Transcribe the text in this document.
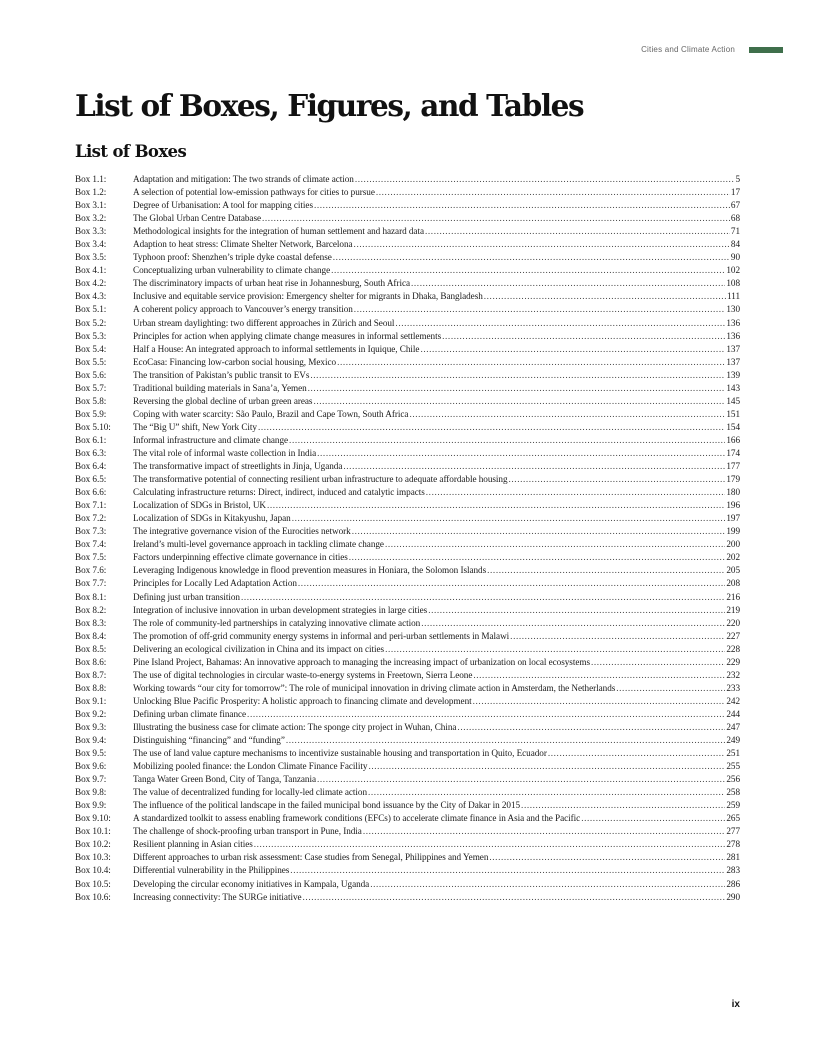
Cities and Climate Action
List of Boxes, Figures, and Tables
List of Boxes
Box 1.1:	Adaptation and mitigation: The two strands of climate action .....	5
Box 1.2:	A selection of potential low-emission pathways for cities to pursue .....	17
Box 3.1:	Degree of Urbanisation: A tool for mapping cities .....	67
Box 3.2:	The Global Urban Centre Database .....	68
Box 3.3:	Methodological insights for the integration of human settlement and hazard data .....	71
Box 3.4:	Adaption to heat stress: Climate Shelter Network, Barcelona .....	84
Box 3.5:	Typhoon proof: Shenzhen’s triple dyke coastal defense .....	90
Box 4.1:	Conceptualizing urban vulnerability to climate change .....	102
Box 4.2:	The discriminatory impacts of urban heat rise in Johannesburg, South Africa .....	108
Box 4.3:	Inclusive and equitable service provision: Emergency shelter for migrants in Dhaka, Bangladesh .....	111
Box 5.1:	A coherent policy approach to Vancouver’s energy transition .....	130
Box 5.2:	Urban stream daylighting: two different approaches in Zürich and Seoul .....	136
Box 5.3:	Principles for action when applying climate change measures in informal settlements .....	136
Box 5.4:	Half a House: An integrated approach to informal settlements in Iquique, Chile .....	137
Box 5.5:	EcoCasa: Financing low-carbon social housing, Mexico .....	137
Box 5.6:	The transition of Pakistan’s public transit to EVs .....	139
Box 5.7:	Traditional building materials in Sana’a, Yemen .....	143
Box 5.8:	Reversing the global decline of urban green areas .....	145
Box 5.9:	Coping with water scarcity: São Paulo, Brazil and Cape Town, South Africa .....	151
Box 5.10:	The “Big U” shift, New York City .....	154
Box 6.1:	Informal infrastructure and climate change .....	166
Box 6.3:	The vital role of informal waste collection in India .....	174
Box 6.4:	The transformative impact of streetlights in Jinja, Uganda .....	177
Box 6.5:	The transformative potential of connecting resilient urban infrastructure to adequate affordable housing .....	179
Box 6.6:	Calculating infrastructure returns: Direct, indirect, induced and catalytic impacts .....	180
Box 7.1:	Localization of SDGs in Bristol, UK .....	196
Box 7.2:	Localization of SDGs in Kitakyushu, Japan .....	197
Box 7.3:	The integrative governance vision of the Eurocities network .....	199
Box 7.4:	Ireland’s multi-level governance approach in tackling climate change .....	200
Box 7.5:	Factors underpinning effective climate governance in cities .....	202
Box 7.6:	Leveraging Indigenous knowledge in flood prevention measures in Honiara, the Solomon Islands .....	205
Box 7.7:	Principles for Locally Led Adaptation Action .....	208
Box 8.1:	Defining just urban transition .....	216
Box 8.2:	Integration of inclusive innovation in urban development strategies in large cities .....	219
Box 8.3:	The role of community-led partnerships in catalyzing innovative climate action .....	220
Box 8.4:	The promotion of off-grid community energy systems in informal and peri-urban settlements in Malawi .....	227
Box 8.5:	Delivering an ecological civilization in China and its impact on cities .....	228
Box 8.6:	Pine Island Project, Bahamas: An innovative approach to managing the increasing impact of urbanization on local ecosystems .....	229
Box 8.7:	The use of digital technologies in circular waste-to-energy systems in Freetown, Sierra Leone .....	232
Box 8.8:	Working towards “our city for tomorrow”: The role of municipal innovation in driving climate action in Amsterdam, the Netherlands .....	233
Box 9.1:	Unlocking Blue Pacific Prosperity: A holistic approach to financing climate and development .....	242
Box 9.2:	Defining urban climate finance .....	244
Box 9.3:	Illustrating the business case for climate action: The sponge city project in Wuhan, China .....	247
Box 9.4:	Distinguishing “financing” and “funding” .....	249
Box 9.5:	The use of land value capture mechanisms to incentivize sustainable housing and transportation in Quito, Ecuador .....	251
Box 9.6:	Mobilizing pooled finance: the London Climate Finance Facility .....	255
Box 9.7:	Tanga Water Green Bond, City of Tanga, Tanzania .....	256
Box 9.8:	The value of decentralized funding for locally-led climate action .....	258
Box 9.9:	The influence of the political landscape in the failed municipal bond issuance by the City of Dakar in 2015 .....	259
Box 9.10:	A standardized toolkit to assess enabling framework conditions (EFCs) to accelerate climate finance in Asia and the Pacific .....	265
Box 10.1:	The challenge of shock-proofing urban transport in Pune, India .....	277
Box 10.2:	Resilient planning in Asian cities .....	278
Box 10.3:	Different approaches to urban risk assessment: Case studies from Senegal, Philippines and Yemen .....	281
Box 10.4:	Differential vulnerability in the Philippines .....	283
Box 10.5:	Developing the circular economy initiatives in Kampala, Uganda .....	286
Box 10.6:	Increasing connectivity: The SURGe initiative .....	290
ix
